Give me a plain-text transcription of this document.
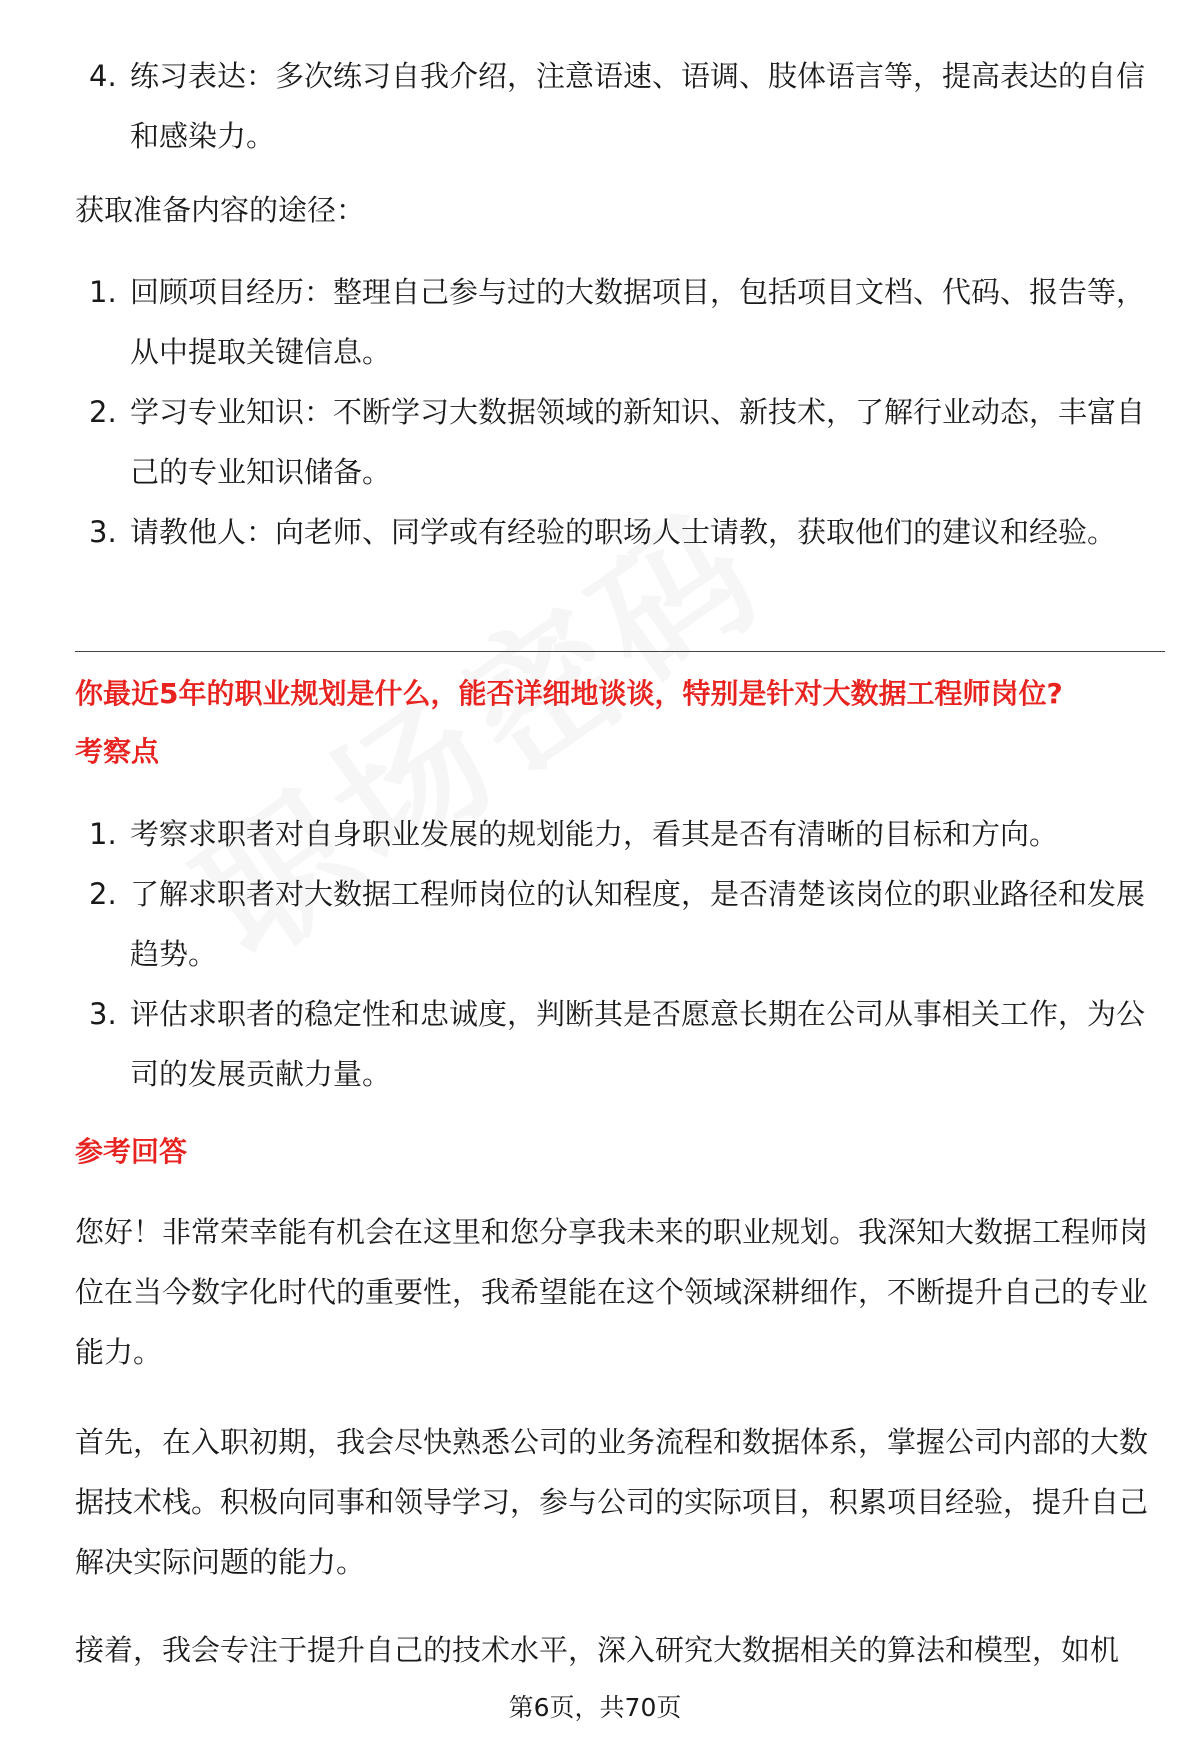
4. 练习表达：多次练习自我介绍，注意语速、语调、肢体语言等，提高表达的自信和感染力。

获取准备内容的途径：

1. 回顾项目经历：整理自己参与过的大数据项目，包括项目文档、代码、报告等，从中提取关键信息。
2. 学习专业知识：不断学习大数据领域的新知识、新技术，了解行业动态，丰富自己的专业知识储备。
3. 请教他人：向老师、同学或有经验的职场人士请教，获取他们的建议和经验。

你最近5年的职业规划是什么，能否详细地谈谈，特别是针对大数据工程师岗位?

考察点

1. 考察求职者对自身职业发展的规划能力，看其是否有清晰的目标和方向。
2. 了解求职者对大数据工程师岗位的认知程度，是否清楚该岗位的职业路径和发展趋势。
3. 评估求职者的稳定性和忠诚度，判断其是否愿意长期在公司从事相关工作，为公司的发展贡献力量。

参考回答

您好！非常荣幸能有机会在这里和您分享我未来的职业规划。我深知大数据工程师岗位在当今数字化时代的重要性，我希望能在这个领域深耕细作，不断提升自己的专业能力。

首先，在入职初期，我会尽快熟悉公司的业务流程和数据体系，掌握公司内部的大数据技术栈。积极向同事和领导学习，参与公司的实际项目，积累项目经验，提升自己解决实际问题的能力。

接着，我会专注于提升自己的技术水平，深入研究大数据相关的算法和模型，如机

第6页，共70页
